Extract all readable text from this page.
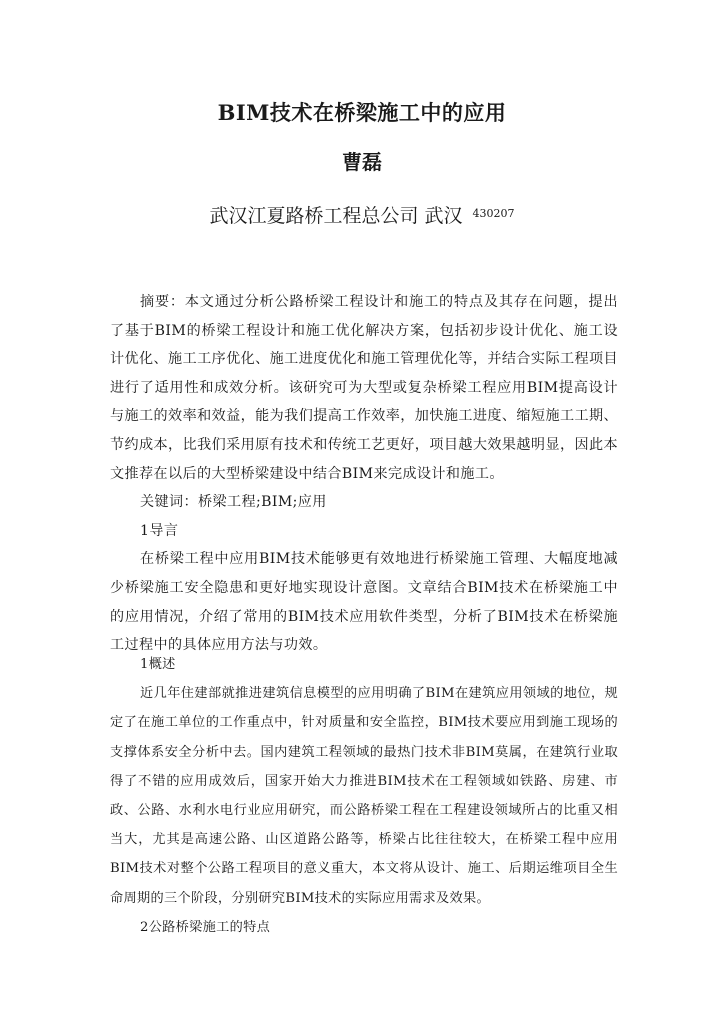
BIM技术在桥梁施工中的应用
曹磊
武汉江夏路桥工程总公司 武汉 $^{430207}$

摘要：本文通过分析公路桥梁工程设计和施工的特点及其存在问题，提出了基于BIM的桥梁工程设计和施工优化解决方案，包括初步设计优化、施工设计优化、施工工序优化、施工进度优化和施工管理优化等，并结合实际工程项目进行了适用性和成效分析。该研究可为大型或复杂桥梁工程应用BIM提高设计与施工的效率和效益，能为我们提高工作效率，加快施工进度、缩短施工工期、节约成本，比我们采用原有技术和传统工艺更好，项目越大效果越明显，因此本文推荐在以后的大型桥梁建设中结合BIM来完成设计和施工。

关键词：桥梁工程;BIM;应用

1导言

在桥梁工程中应用BIM技术能够更有效地进行桥梁施工管理、大幅度地减少桥梁施工安全隐患和更好地实现设计意图。文章结合BIM技术在桥梁施工中的应用情况，介绍了常用的BIM技术应用软件类型，分析了BIM技术在桥梁施工过程中的具体应用方法与功效。

1概述

近几年住建部就推进建筑信息模型的应用明确了BIM在建筑应用领域的地位，规定了在施工单位的工作重点中，针对质量和安全监控，BIM技术要应用到施工现场的支撑体系安全分析中去。国内建筑工程领域的最热门技术非BIM莫属，在建筑行业取得了不错的应用成效后，国家开始大力推进BIM技术在工程领域如铁路、房建、市政、公路、水利水电行业应用研究，而公路桥梁工程在工程建设领域所占的比重又相当大，尤其是高速公路、山区道路公路等，桥梁占比往往较大，在桥梁工程中应用BIM技术对整个公路工程项目的意义重大，本文将从设计、施工、后期运维项目全生命周期的三个阶段，分别研究BIM技术的实际应用需求及效果。

2公路桥梁施工的特点
